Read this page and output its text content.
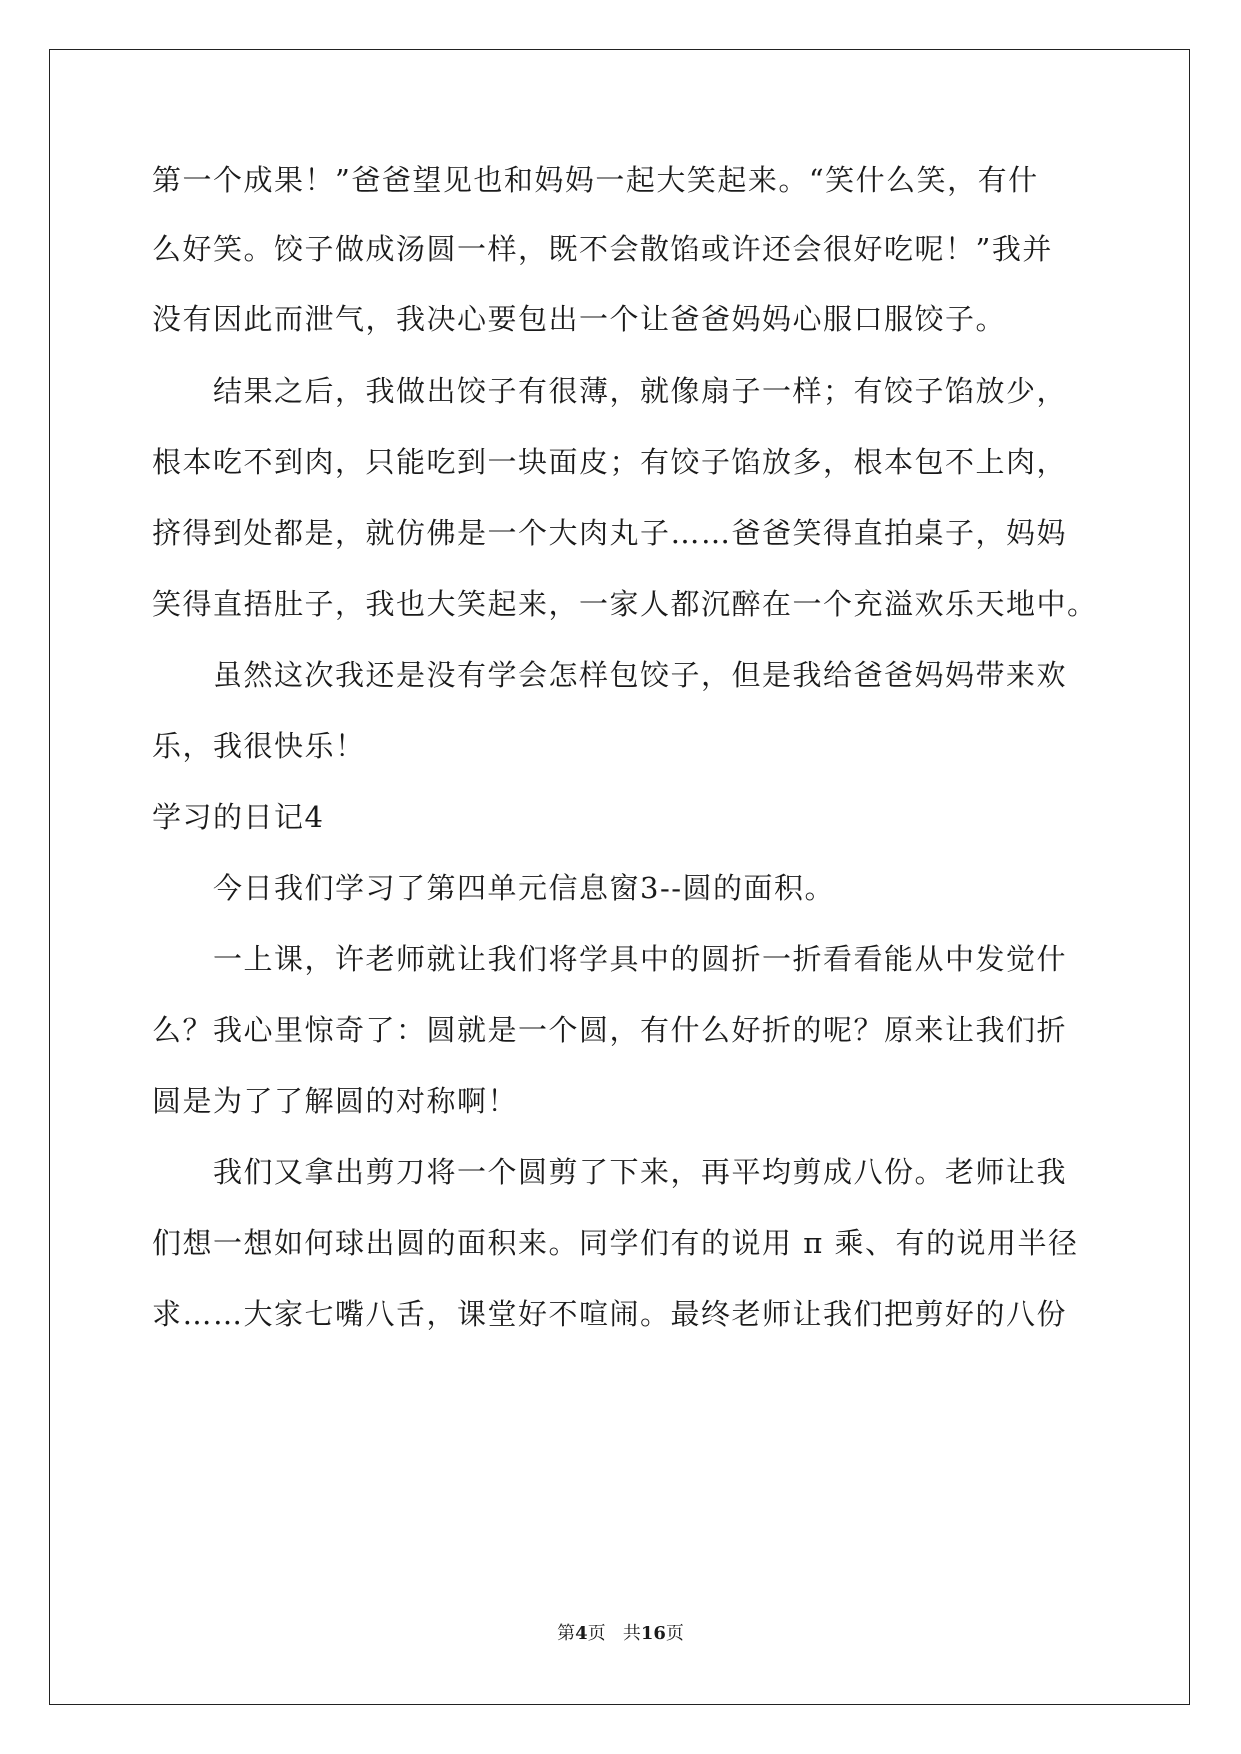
第一个成果！”爸爸望见也和妈妈一起大笑起来。“笑什么笑，有什
么好笑。饺子做成汤圆一样，既不会散馅或许还会很好吃呢！”我并
没有因此而泄气，我决心要包出一个让爸爸妈妈心服口服饺子。
结果之后，我做出饺子有很薄，就像扇子一样；有饺子馅放少，
根本吃不到肉，只能吃到一块面皮；有饺子馅放多，根本包不上肉，
挤得到处都是，就仿佛是一个大肉丸子……爸爸笑得直拍桌子，妈妈
笑得直捂肚子，我也大笑起来，一家人都沉醉在一个充溢欢乐天地中。
虽然这次我还是没有学会怎样包饺子，但是我给爸爸妈妈带来欢
乐，我很快乐！
学习的日记4
今日我们学习了第四单元信息窗3--圆的面积。
一上课，许老师就让我们将学具中的圆折一折看看能从中发觉什
么？我心里惊奇了：圆就是一个圆，有什么好折的呢？原来让我们折
圆是为了了解圆的对称啊！
我们又拿出剪刀将一个圆剪了下来，再平均剪成八份。老师让我
们想一想如何球出圆的面积来。同学们有的说用 π 乘、有的说用半径
求……大家七嘴八舌，课堂好不喧闹。最终老师让我们把剪好的八份
第4页 共16页
